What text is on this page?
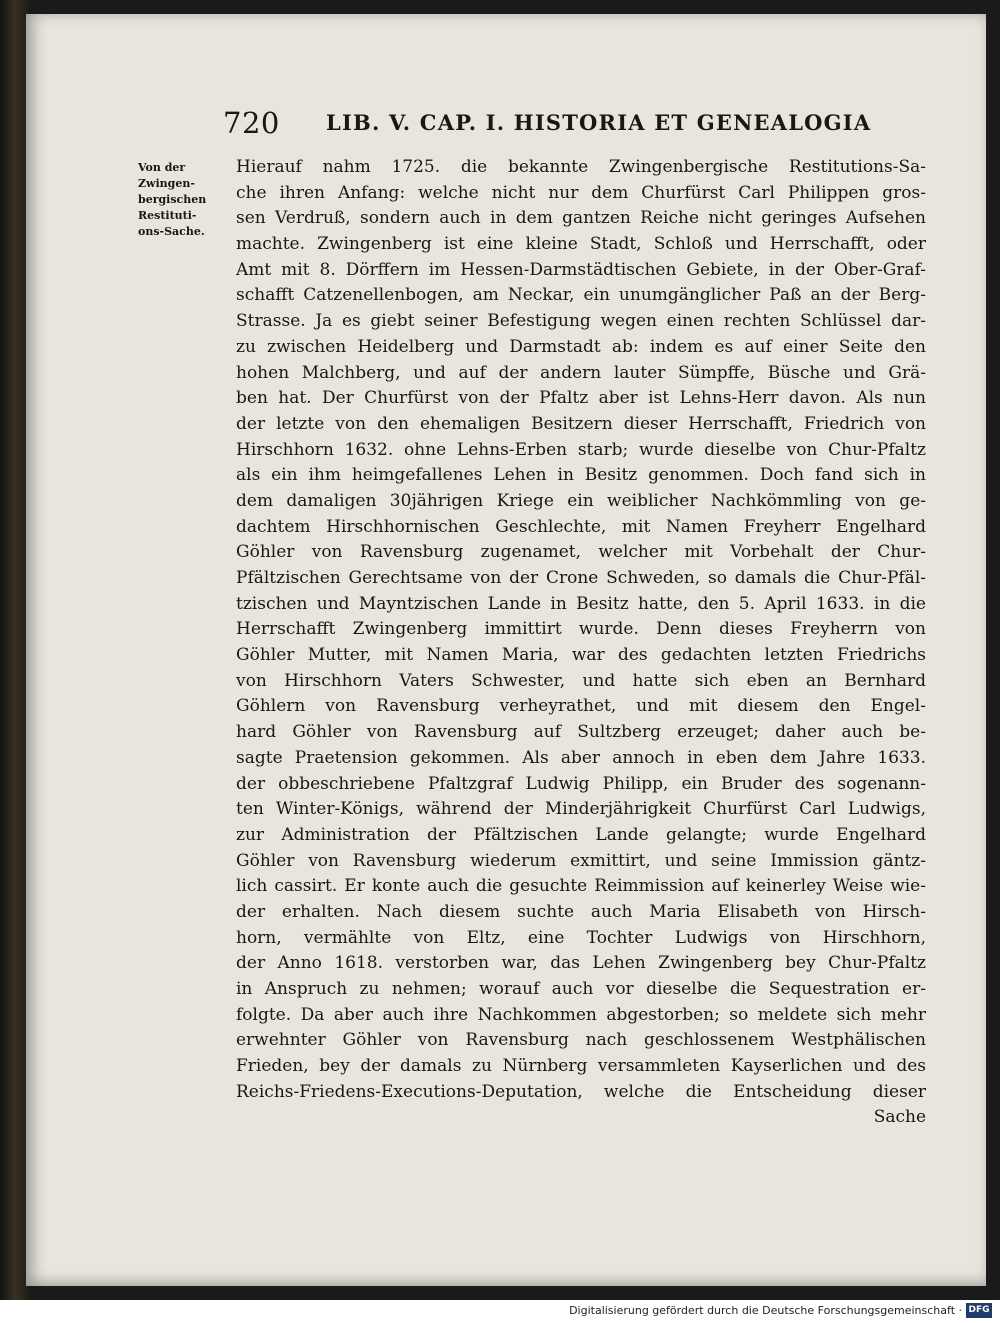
720 LIB. V. CAP. I. HISTORIA ET GENEALOGIA
Von der
Zwingen-
bergischen
Restituti-
ons-Sache.
Hierauf nahm 1725. die bekannte Zwingenbergische Restitutions-Sa-
che ihren Anfang: welche nicht nur dem Churfürst Carl Philippen gros-
sen Verdruß, sondern auch in dem gantzen Reiche nicht geringes Aufsehen
machte. Zwingenberg ist eine kleine Stadt, Schloß und Herrschafft, oder
Amt mit 8. Dörffern im Hessen-Darmstädtischen Gebiete, in der Ober-Graf-
schafft Catzenellenbogen, am Neckar, ein unumgänglicher Paß an der Berg-
Strasse. Ja es giebt seiner Befestigung wegen einen rechten Schlüssel dar-
zu zwischen Heidelberg und Darmstadt ab: indem es auf einer Seite den
hohen Malchberg, und auf der andern lauter Sümpffe, Büsche und Grä-
ben hat. Der Churfürst von der Pfaltz aber ist Lehns-Herr davon. Als nun
der letzte von den ehemaligen Besitzern dieser Herrschafft, Friedrich von
Hirschhorn 1632. ohne Lehns-Erben starb; wurde dieselbe von Chur-Pfaltz
als ein ihm heimgefallenes Lehen in Besitz genommen. Doch fand sich in
dem damaligen 30jährigen Kriege ein weiblicher Nachkömmling von ge-
dachtem Hirschhornischen Geschlechte, mit Namen Freyherr Engelhard
Göhler von Ravensburg zugenamet, welcher mit Vorbehalt der Chur-
Pfältzischen Gerechtsame von der Crone Schweden, so damals die Chur-Pfäl-
tzischen und Mayntzischen Lande in Besitz hatte, den 5. April 1633. in die
Herrschafft Zwingenberg immittirt wurde. Denn dieses Freyherrn von
Göhler Mutter, mit Namen Maria, war des gedachten letzten Friedrichs
von Hirschhorn Vaters Schwester, und hatte sich eben an Bernhard
Göhlern von Ravensburg verheyrathet, und mit diesem den Engel-
hard Göhler von Ravensburg auf Sultzberg erzeuget; daher auch be-
sagte Praetension gekommen. Als aber annoch in eben dem Jahre 1633.
der obbeschriebene Pfaltzgraf Ludwig Philipp, ein Bruder des sogenann-
ten Winter-Königs, während der Minderjährigkeit Churfürst Carl Ludwigs,
zur Administration der Pfältzischen Lande gelangte; wurde Engelhard
Göhler von Ravensburg wiederum exmittirt, und seine Immission gäntz-
lich cassirt. Er konte auch die gesuchte Reimmission auf keinerley Weise wie-
der erhalten. Nach diesem suchte auch Maria Elisabeth von Hirsch-
horn, vermählte von Eltz, eine Tochter Ludwigs von Hirschhorn,
der Anno 1618. verstorben war, das Lehen Zwingenberg bey Chur-Pfaltz
in Anspruch zu nehmen; worauf auch vor dieselbe die Sequestration er-
folgte. Da aber auch ihre Nachkommen abgestorben; so meldete sich mehr
erwehnter Göhler von Ravensburg nach geschlossenem Westphälischen
Frieden, bey der damals zu Nürnberg versammleten Kayserlichen und des
Reichs-Friedens-Executions-Deputation, welche die Entscheidung dieser
Sache
Digitalisierung gefördert durch die Deutsche Forschungsgemeinschaft · DFG
